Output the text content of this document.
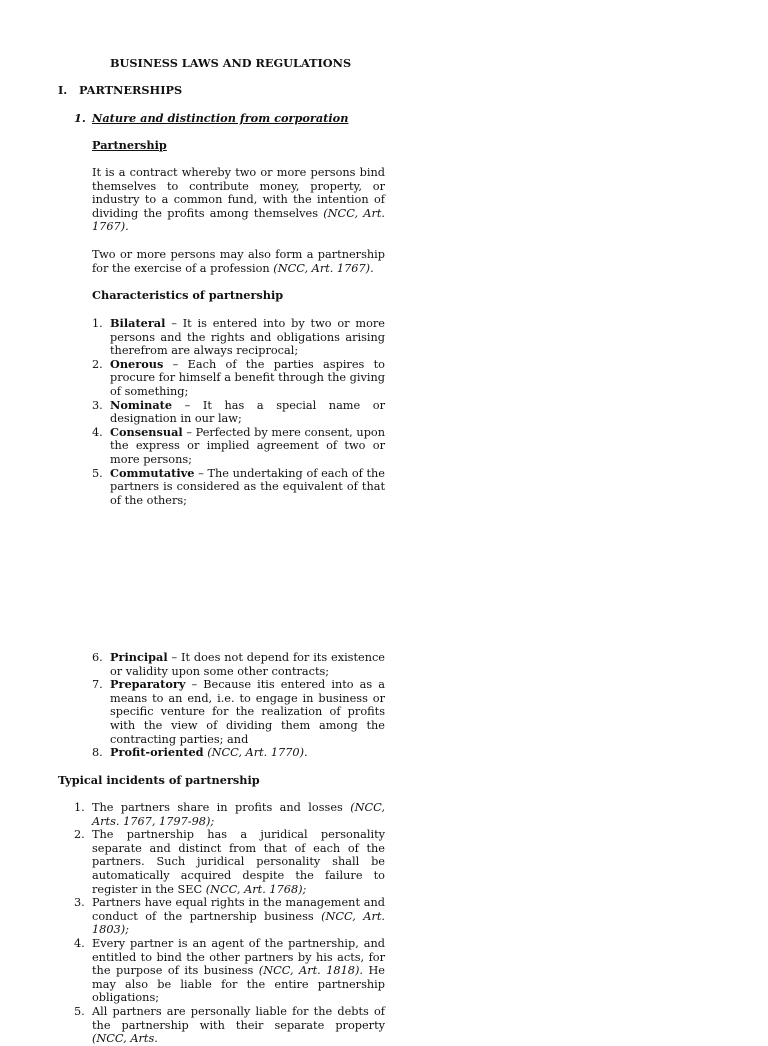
BUSINESS LAWS AND REGULATIONS
I. PARTNERSHIPS
1. Nature and distinction from corporation
Partnership
It is a contract whereby two or more persons bind themselves to contribute money, property, or industry to a common fund, with the intention of dividing the profits among themselves (NCC, Art. 1767).
Two or more persons may also form a partnership for the exercise of a profession (NCC, Art. 1767).
Characteristics of partnership
1. Bilateral – It is entered into by two or more persons and the rights and obligations arising therefrom are always reciprocal;
2. Onerous – Each of the parties aspires to procure for himself a benefit through the giving of something;
3. Nominate – It has a special name or designation in our law;
4. Consensual – Perfected by mere consent, upon the express or implied agreement of two or more persons;
5. Commutative – The undertaking of each of the partners is considered as the equivalent of that of the others;
6. Principal – It does not depend for its existence or validity upon some other contracts;
7. Preparatory – Because itis entered into as a means to an end, i.e. to engage in business or specific venture for the realization of profits with the view of dividing them among the contracting parties; and
8. Profit-oriented (NCC, Art. 1770).
Typical incidents of partnership
1. The partners share in profits and losses (NCC, Arts. 1767, 1797-98);
2. The partnership has a juridical personality separate and distinct from that of each of the partners. Such juridical personality shall be automatically acquired despite the failure to register in the SEC (NCC, Art. 1768);
3. Partners have equal rights in the management and conduct of the partnership business (NCC, Art. 1803);
4. Every partner is an agent of the partnership, and entitled to bind the other partners by his acts, for the purpose of its business (NCC, Art. 1818). He may also be liable for the entire partnership obligations;
5. All partners are personally liable for the debts of the partnership with their separate property (NCC, Arts.
